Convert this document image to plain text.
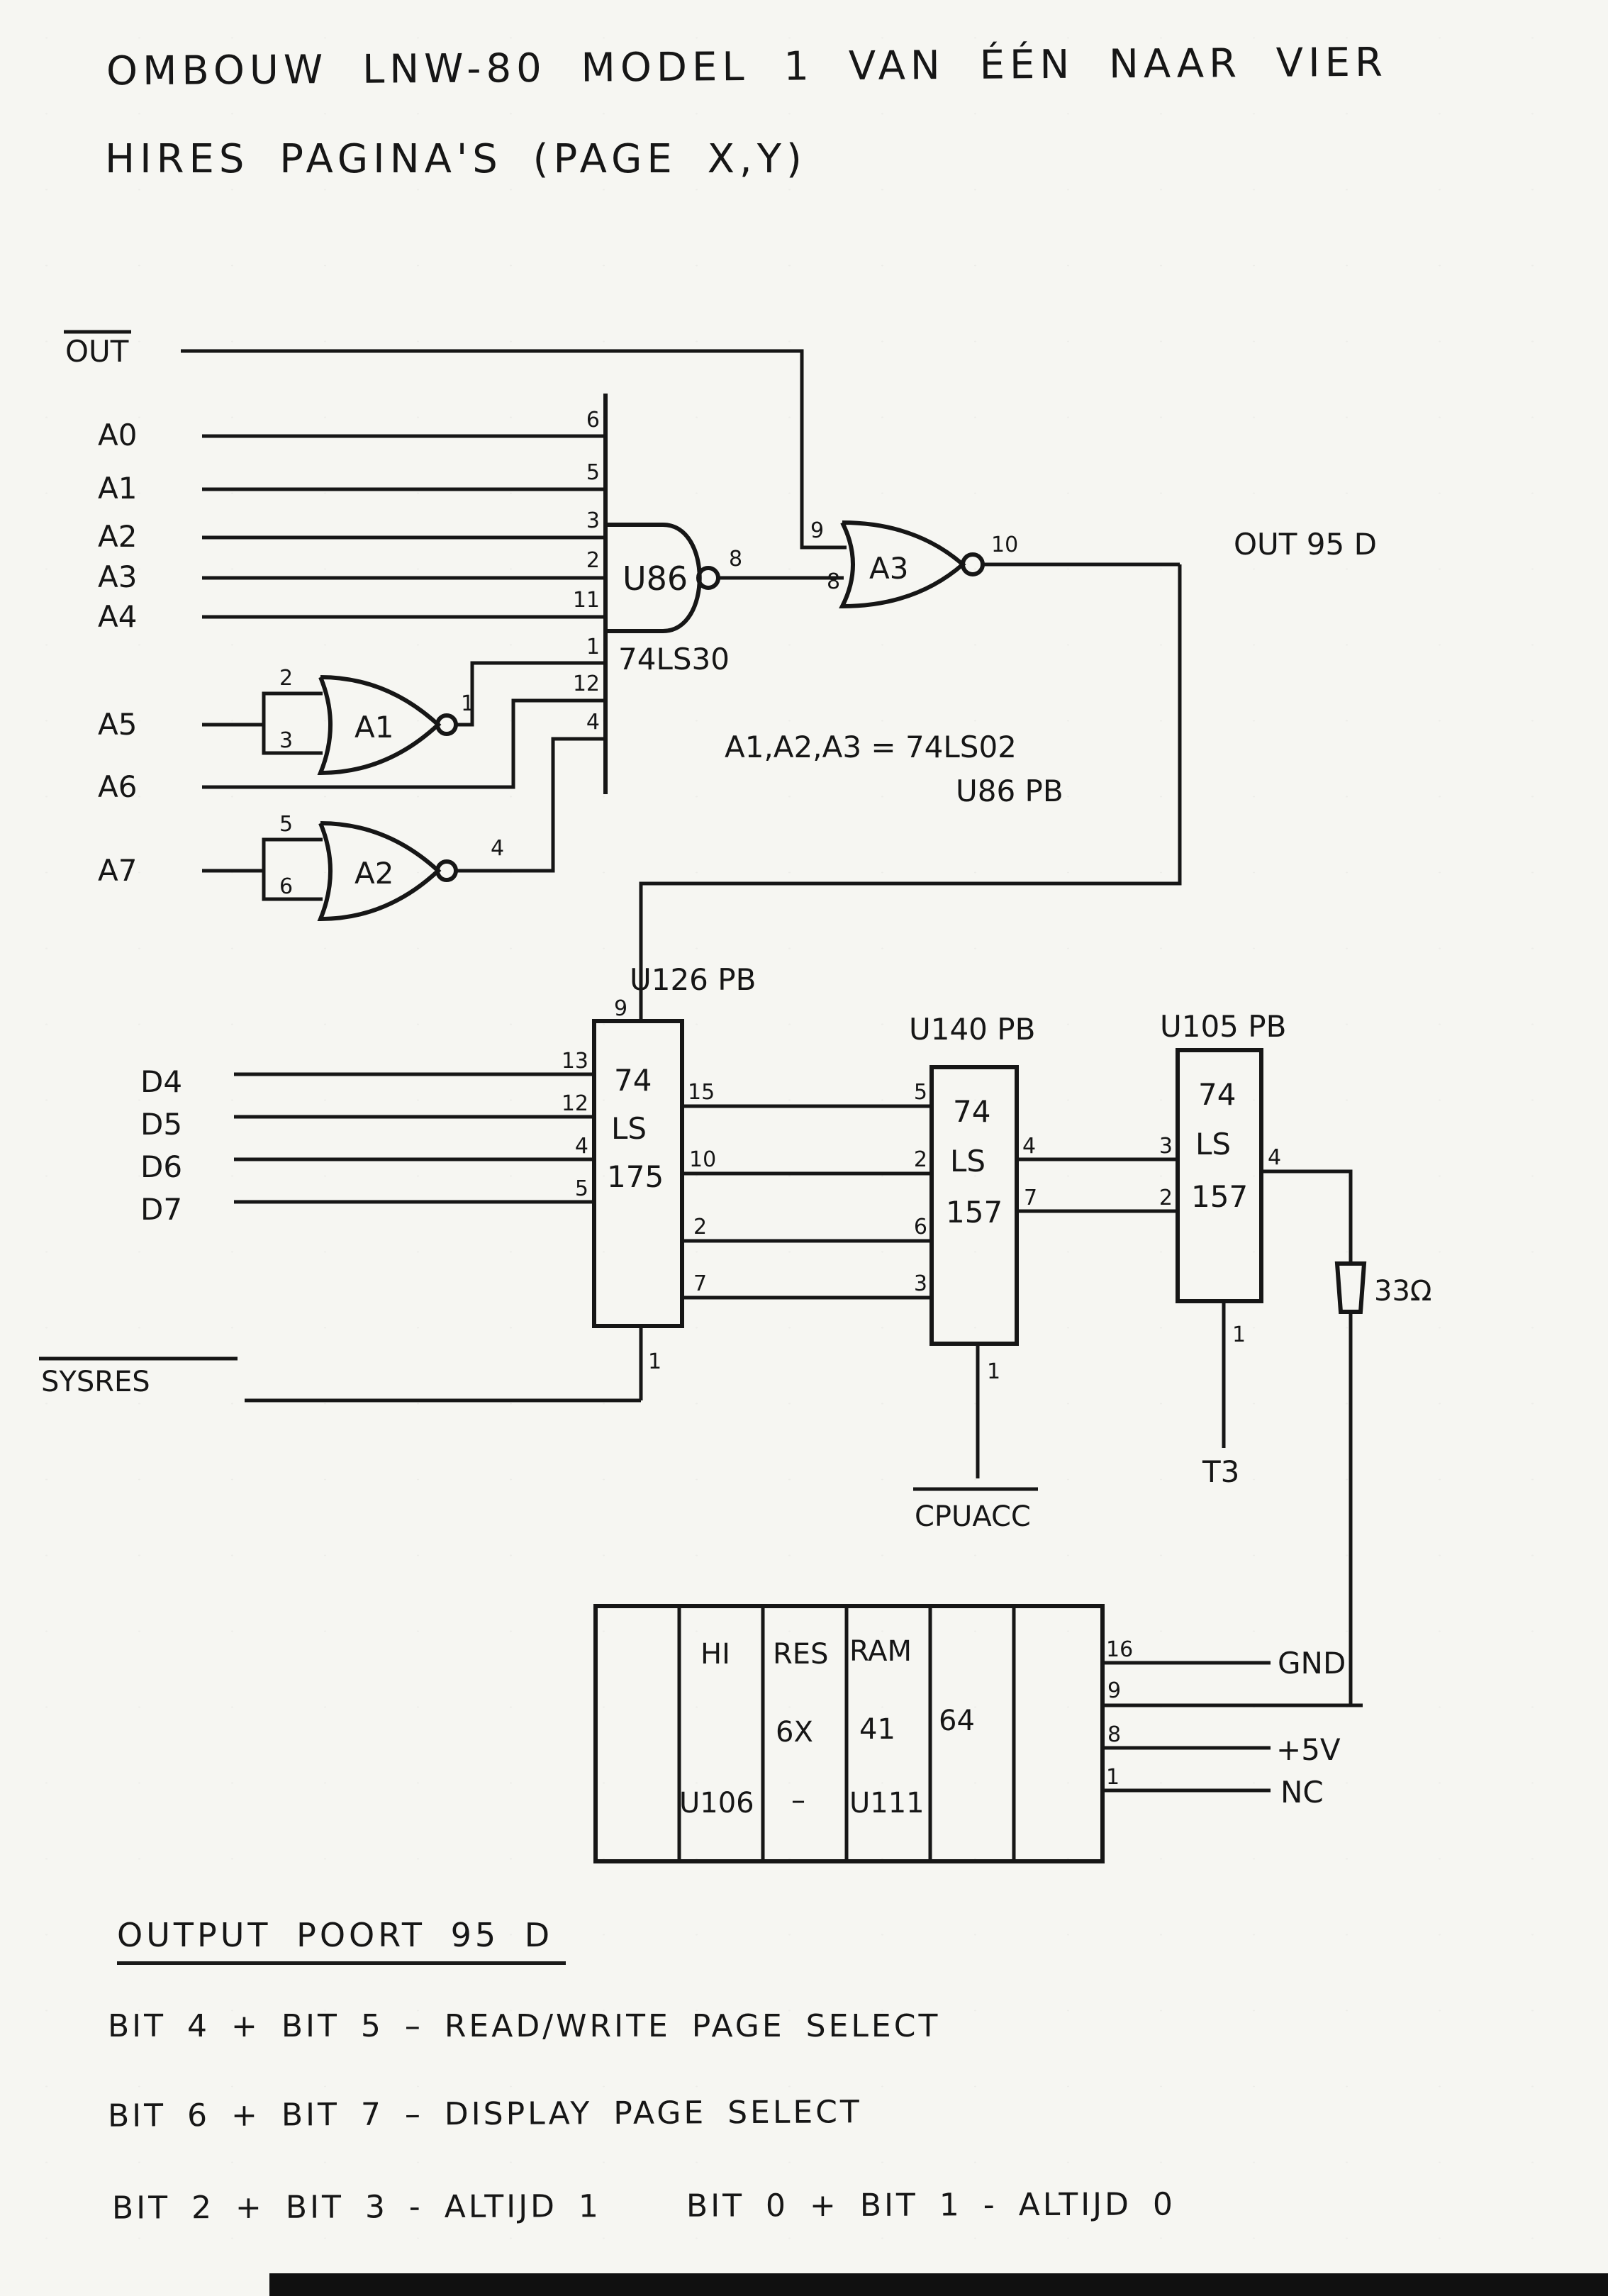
OMBOUW LNW-80 MODEL 1 VAN ÉÉN NAAR VIER
HIRES PAGINA'S (PAGE X,Y)
OUT
A0
A1
A2
A3
A4
6
5
3
2
11
1
12
4
U86
8
74LS30
A5
2
3 A1
1
A6
A7
5
6 A2
4
9
8 A3
10	OUT 95 D
A1,A2,A3 = 74LS02
U86 PB
D4
D5
D6
D7
U126 PB
9
74
LS
175
13
12
4
5
15
10
2
7
1
SYSRES
U140 PB
74
LS
157
5
2
6
3
4
7
1
CPUACC
U105 PB
74
LS
157
3
2
4
1
T3
33Ω
HI RES RAM
6X 41 64
U106 – U111
16	GND
9
8	+5V
1	NC
OUTPUT POORT 95 D
BIT 4 + BIT 5 – READ/WRITE PAGE SELECT
BIT 6 + BIT 7 – DISPLAY PAGE SELECT
BIT 2 + BIT 3 - ALTIJD 1	BIT 0 + BIT 1 - ALTIJD 0
